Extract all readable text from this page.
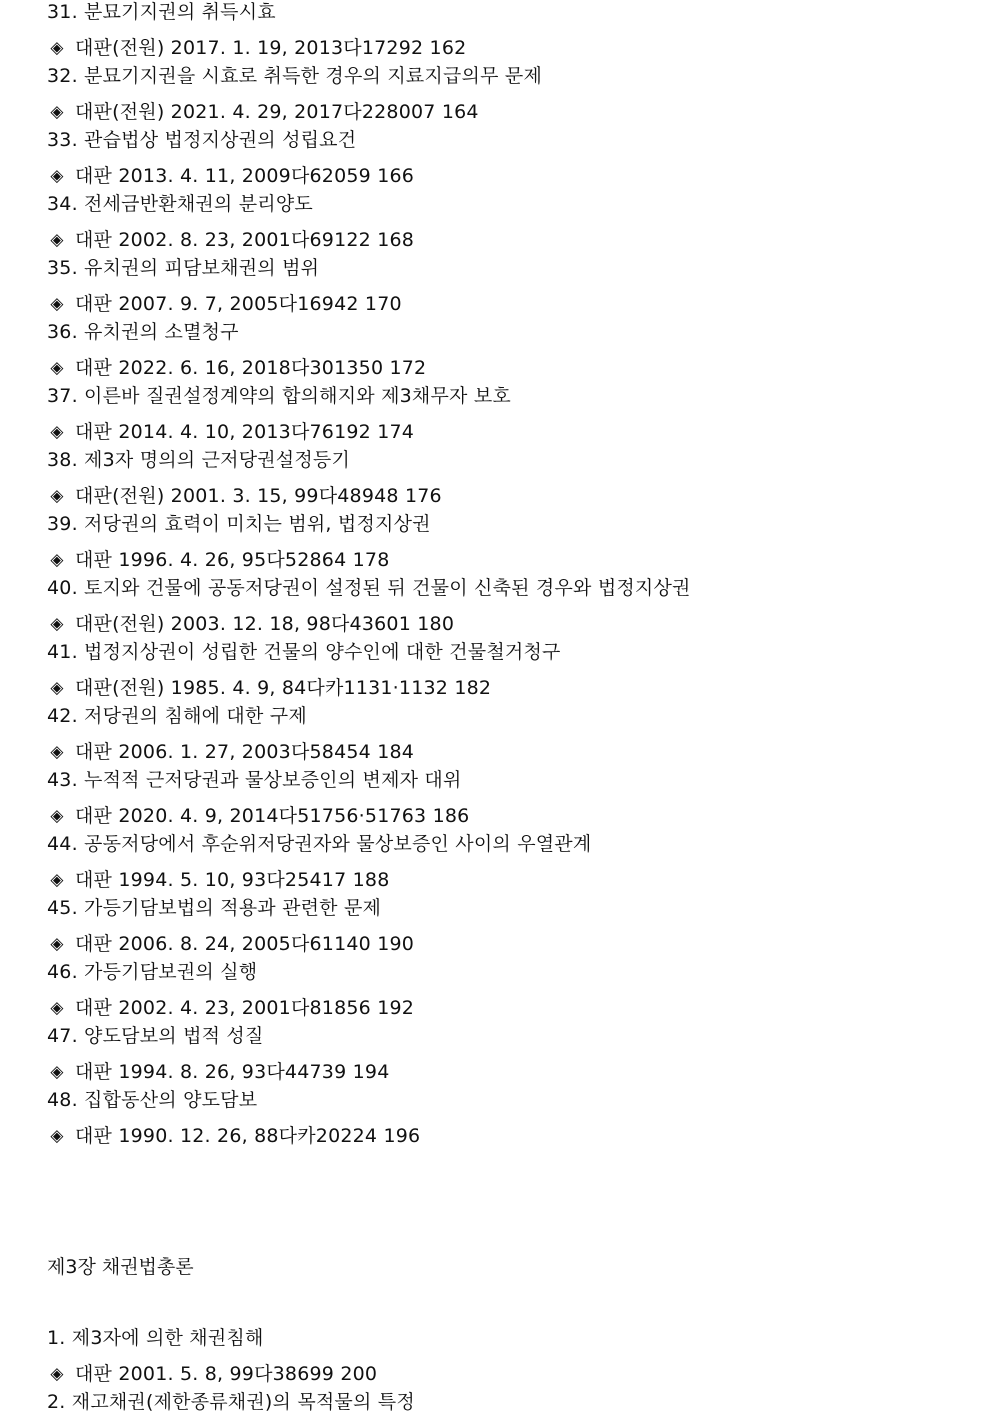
31. 분묘기지권의 취득시효
◈ 대판(전원) 2017. 1. 19, 2013다17292 162
32. 분묘기지권을 시효로 취득한 경우의 지료지급의무 문제
◈ 대판(전원) 2021. 4. 29, 2017다228007 164
33. 관습법상 법정지상권의 성립요건
◈ 대판 2013. 4. 11, 2009다62059 166
34. 전세금반환채권의 분리양도
◈ 대판 2002. 8. 23, 2001다69122 168
35. 유치권의 피담보채권의 범위
◈ 대판 2007. 9. 7, 2005다16942 170
36. 유치권의 소멸청구
◈ 대판 2022. 6. 16, 2018다301350 172
37. 이른바 질권설정계약의 합의해지와 제3채무자 보호
◈ 대판 2014. 4. 10, 2013다76192 174
38. 제3자 명의의 근저당권설정등기
◈ 대판(전원) 2001. 3. 15, 99다48948 176
39. 저당권의 효력이 미치는 범위, 법정지상권
◈ 대판 1996. 4. 26, 95다52864 178
40. 토지와 건물에 공동저당권이 설정된 뒤 건물이 신축된 경우와 법정지상권
◈ 대판(전원) 2003. 12. 18, 98다43601 180
41. 법정지상권이 성립한 건물의 양수인에 대한 건물철거청구
◈ 대판(전원) 1985. 4. 9, 84다카1131·1132 182
42. 저당권의 침해에 대한 구제
◈ 대판 2006. 1. 27, 2003다58454 184
43. 누적적 근저당권과 물상보증인의 변제자 대위
◈ 대판 2020. 4. 9, 2014다51756·51763 186
44. 공동저당에서 후순위저당권자와 물상보증인 사이의 우열관계
◈ 대판 1994. 5. 10, 93다25417 188
45. 가등기담보법의 적용과 관련한 문제
◈ 대판 2006. 8. 24, 2005다61140 190
46. 가등기담보권의 실행
◈ 대판 2002. 4. 23, 2001다81856 192
47. 양도담보의 법적 성질
◈ 대판 1994. 8. 26, 93다44739 194
48. 집합동산의 양도담보
◈ 대판 1990. 12. 26, 88다카20224 196
제3장 채권법총론
1. 제3자에 의한 채권침해
◈ 대판 2001. 5. 8, 99다38699 200
2. 재고채권(제한종류채권)의 목적물의 특정
